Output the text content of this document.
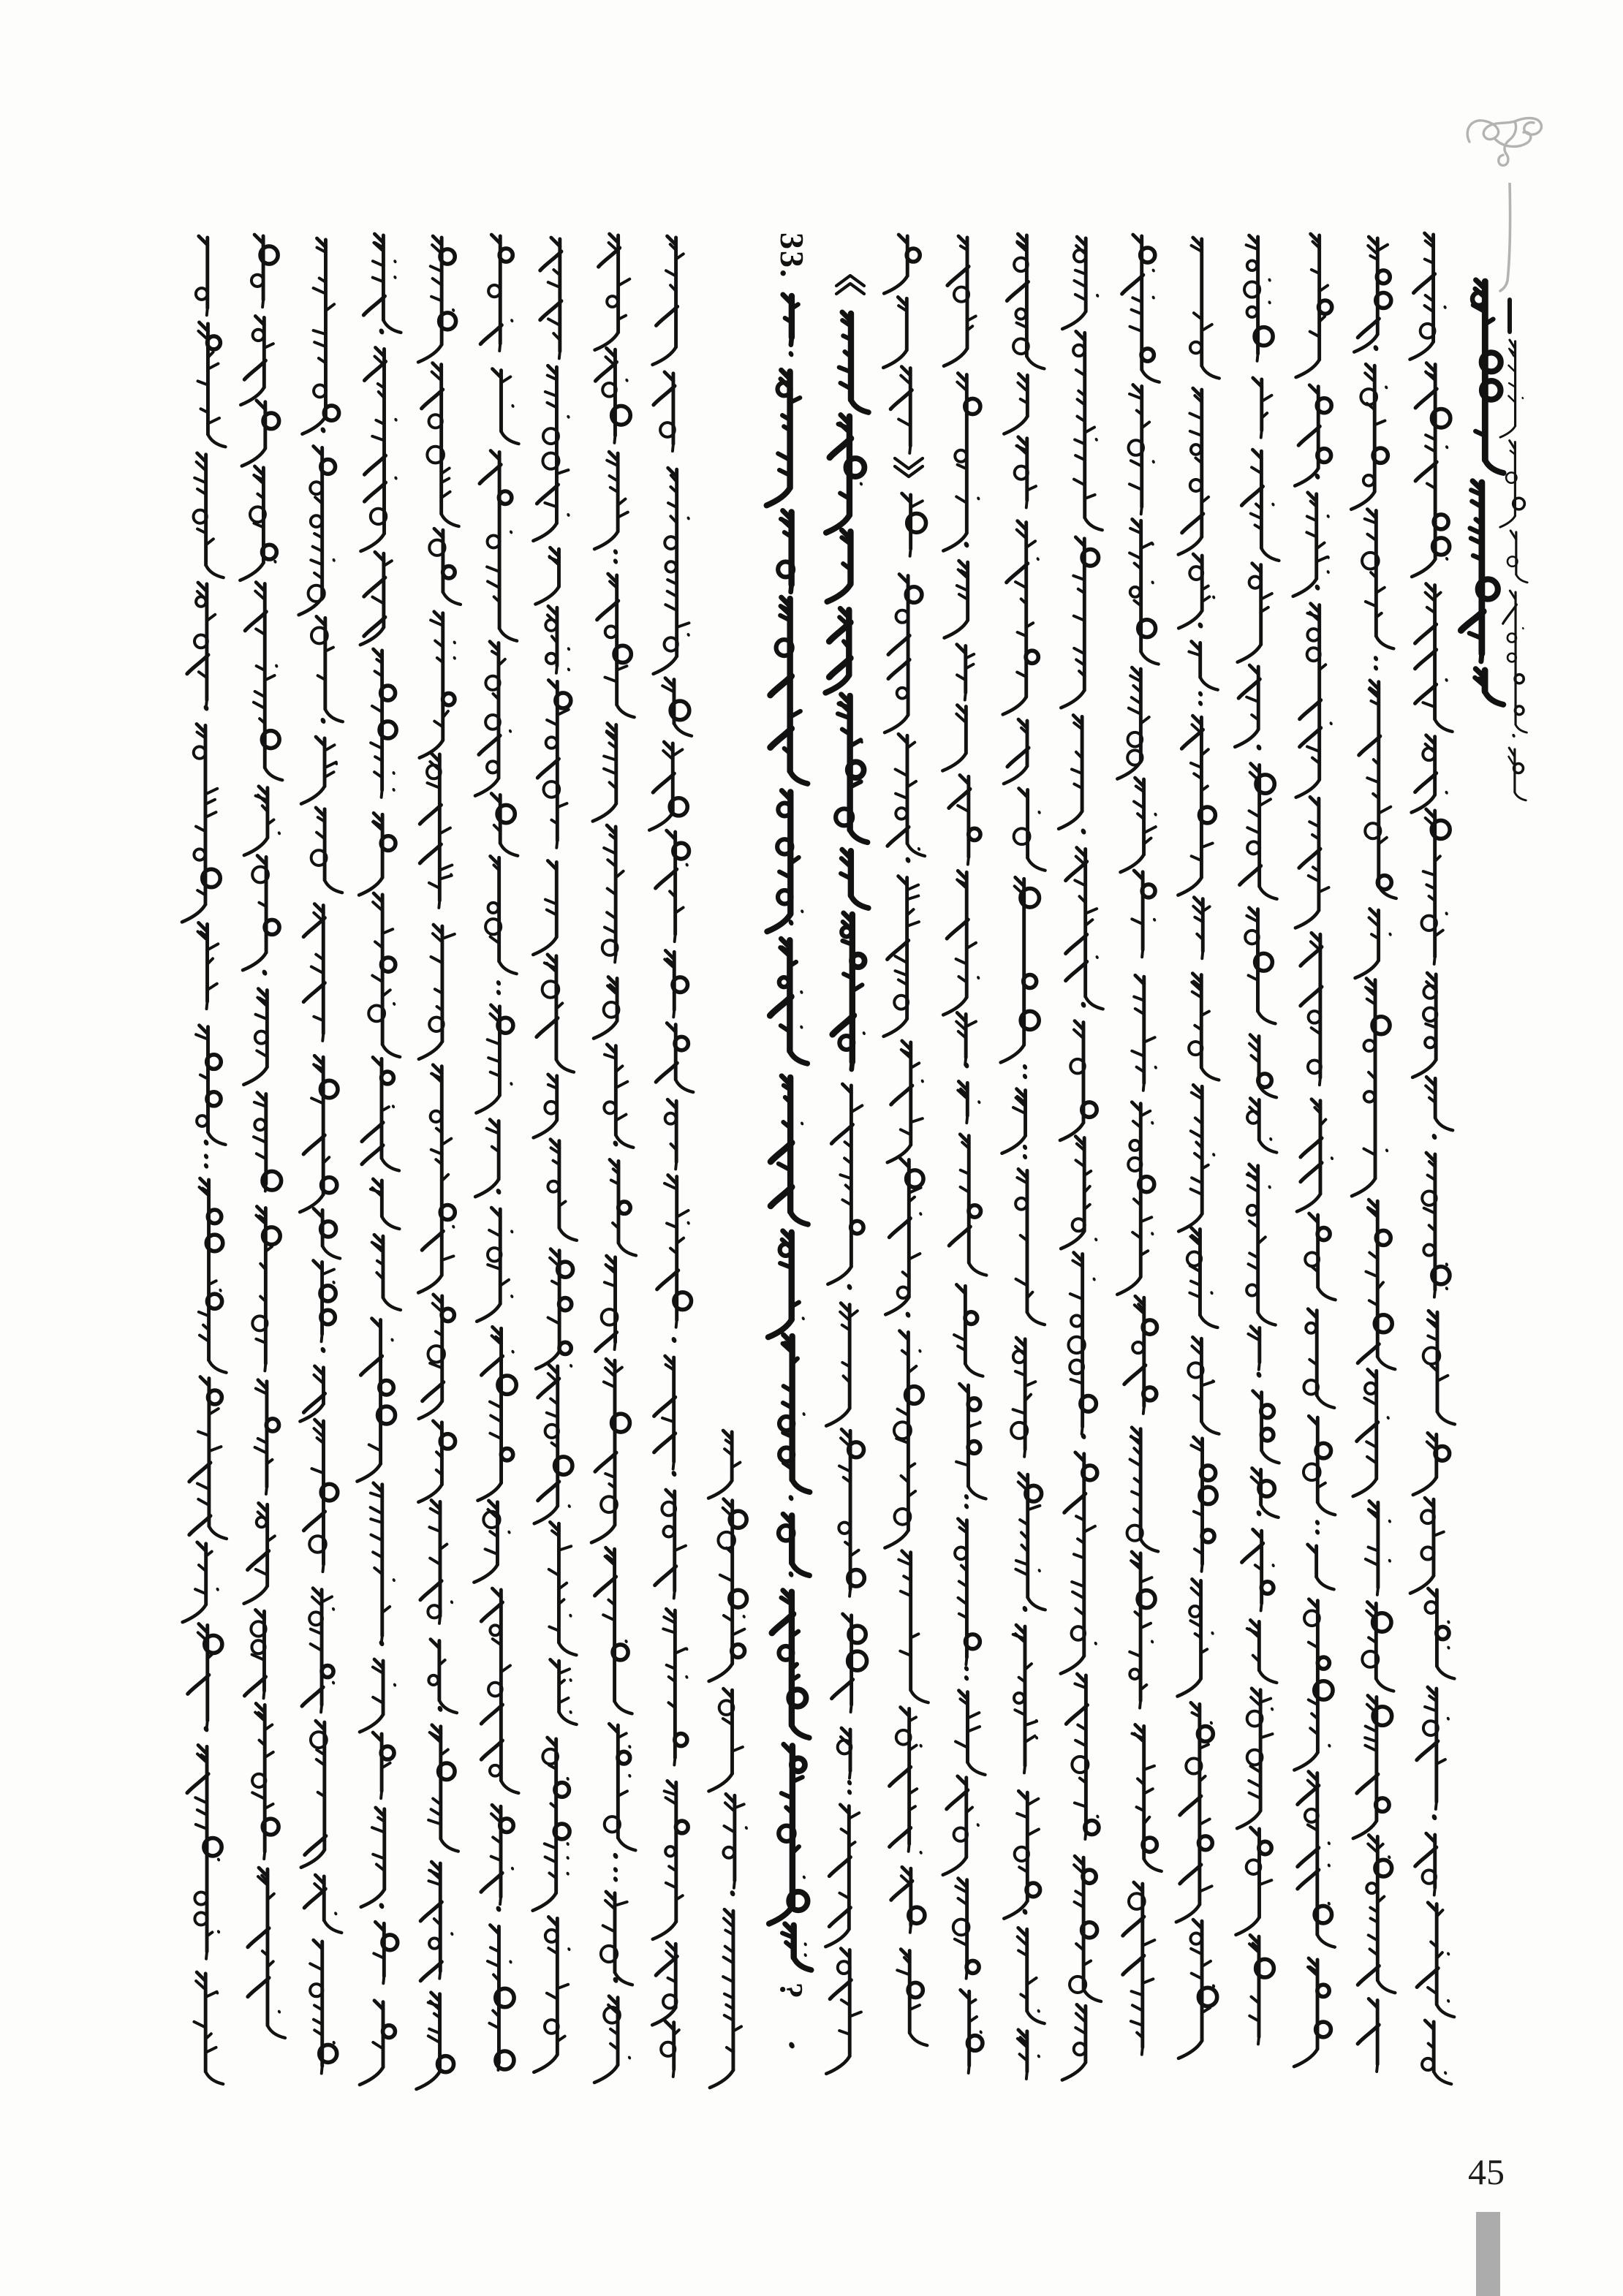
33.
?
45
